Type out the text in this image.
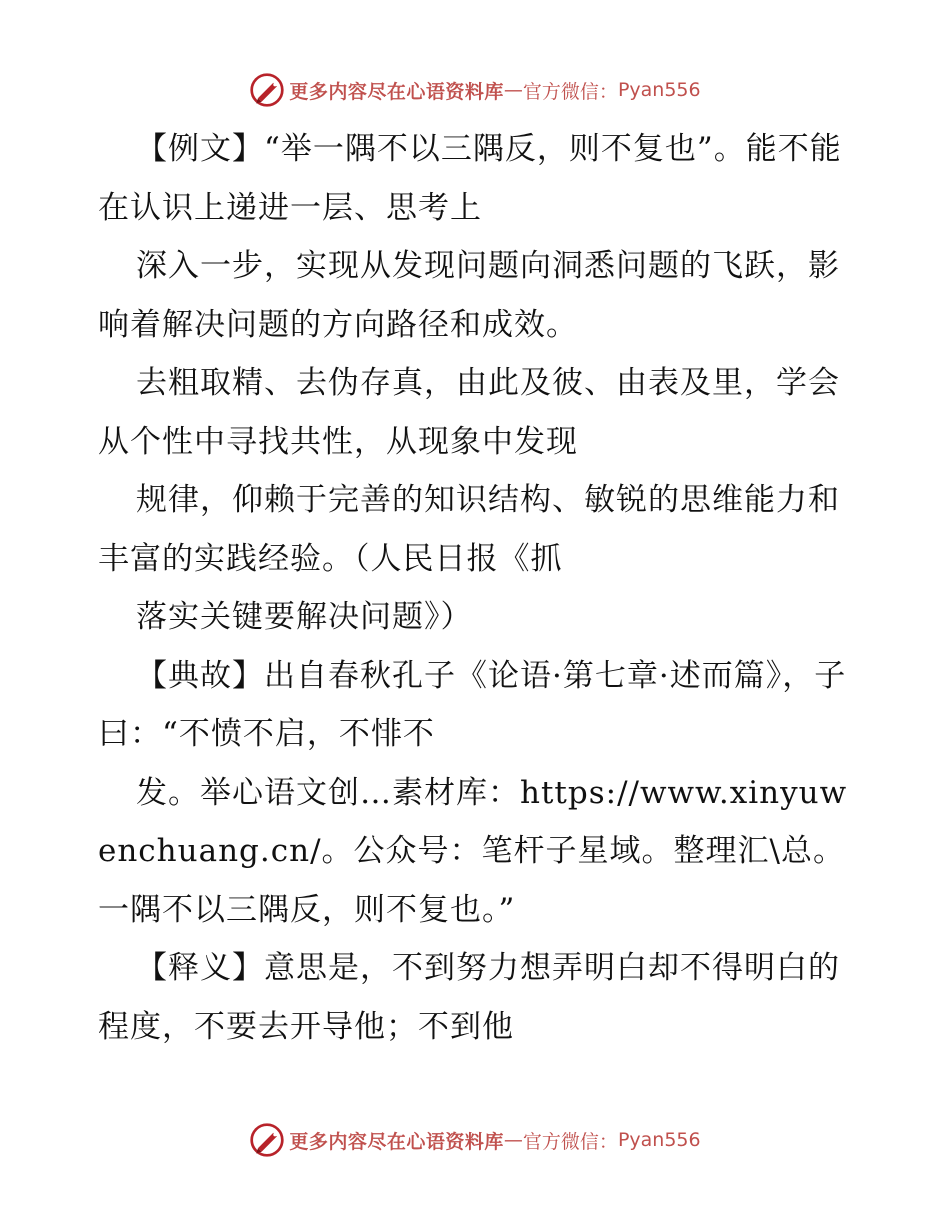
更多内容尽在心语资料库 — 官方微信： Pyan556

【例文】“举一隅不以三隅反，则不复也”。能不能在认识上递进一层、思考上

深入一步，实现从发现问题向洞悉问题的飞跃，影响着解决问题的方向路径和成效。

去粗取精、去伪存真，由此及彼、由表及里，学会从个性中寻找共性，从现象中发现

规律，仰赖于完善的知识结构、敏锐的思维能力和丰富的实践经验。（人民日报《抓

落实关键要解决问题》）

【典故】出自春秋孔子《论语·第七章·述而篇》，子曰：“不愤不启，不悱不

发。举心语文创…素材库：https://www.xinyuwenchuang.cn/。公众号：笔杆子星域。整理汇\总。一隅不以三隅反，则不复也。”

【释义】意思是，不到努力想弄明白却不得明白的程度，不要去开导他；不到他

更多内容尽在心语资料库 — 官方微信： Pyan556
